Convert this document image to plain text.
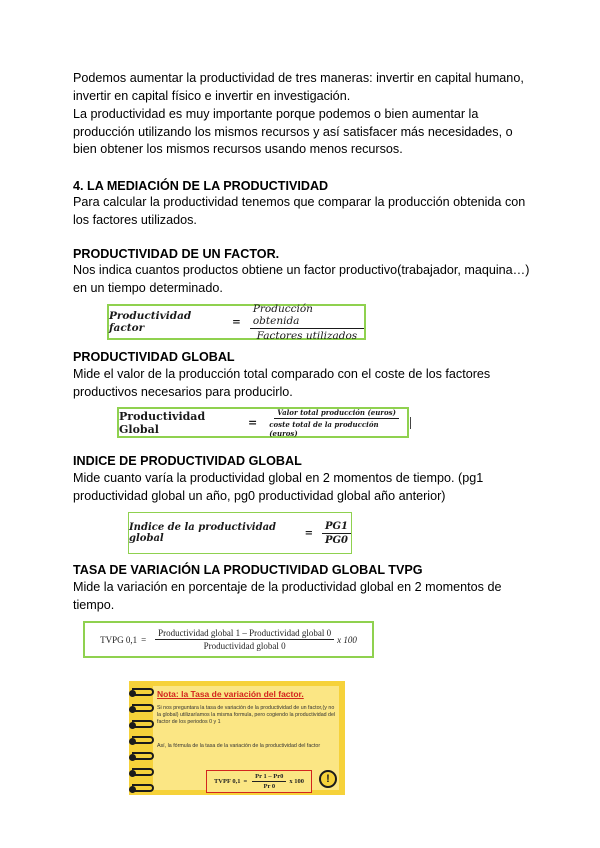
Podemos aumentar la productividad de tres maneras: invertir en capital humano, invertir en capital físico e invertir en investigación.
La productividad es muy importante porque podemos o bien aumentar la producción utilizando los mismos recursos y así satisfacer más necesidades, o bien obtener los mismos recursos usando menos recursos.
4. LA MEDIACIÓN DE LA PRODUCTIVIDAD
Para calcular la productividad tenemos que comparar la producción obtenida con los factores utilizados.
PRODUCTIVIDAD DE UN FACTOR.
Nos indica cuantos productos obtiene un factor productivo(trabajador, maquina…) en un tiempo determinado.
Productividad factor	= $\frac{\text{Producción obtenida}}{\text{Factores utilizados}}$
PRODUCTIVIDAD GLOBAL
Mide el valor de la producción total comparado con el coste de los factores productivos necesarios para producirlo.
Productividad Global	= $\frac{\text{Valor total producción (euros)}}{\text{coste total de la producción (euros)}}$
INDICE DE PRODUCTIVIDAD GLOBAL
Mide cuanto varía la productividad global en 2 momentos de tiempo. (pg1 productividad global un año, pg0 productividad global año anterior)
Indice de la productividad global	= $\frac{PG1}{PG0}$
TASA DE VARIACIÓN LA PRODUCTIVIDAD GLOBAL TVPG
Mide la variación en porcentaje de la productividad global en 2 momentos de tiempo.
TVPG $0,1 = \frac{\text{Productividad global 1 – Productividad global 0}}{\text{Productividad global 0}}$ x 100
Nota: la Tasa de variación del factor.
Si nos preguntara la tasa de variación de la productividad de un factor,(y no la global) utilizaríamos la misma formula, pero cogiendo la productividad del factor de los periodos 0 y 1
Así, la fórmula de la tasa de la variación de la productividad del factor
TVPF $0,1 = \frac{Pr 1 - Pr0}{Pr 0}$ x 100	!
